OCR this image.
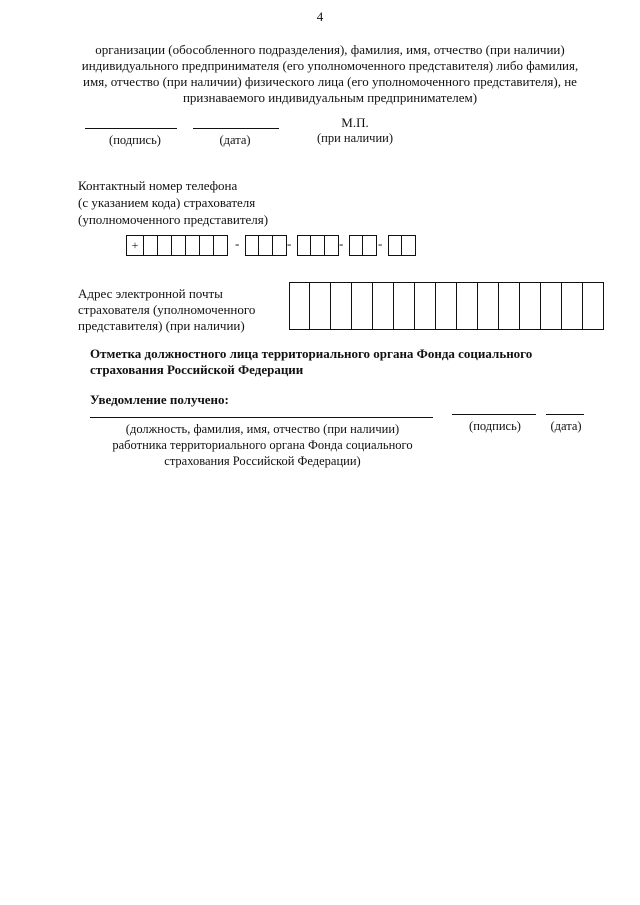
4
организации (обособленного подразделения), фамилия, имя, отчество (при наличии)
индивидуального предпринимателя (его уполномоченного представителя) либо фамилия,
имя, отчество (при наличии) физического лица (его уполномоченного представителя), не
признаваемого индивидуальным предпринимателем)
(подпись)	(дата)
М.П.
(при наличии)
Контактный номер телефона
(с указанием кода) страхователя
(уполномоченного представителя)
+	-	-	-	-
Адрес электронной почты
страхователя (уполномоченного
представителя) (при наличии)
Отметка должностного лица территориального органа Фонда социального
страхования Российской Федерации
Уведомление получено:
(должность, фамилия, имя, отчество (при наличии)
работника территориального органа Фонда социального
страхования Российской Федерации)
(подпись)	(дата)
